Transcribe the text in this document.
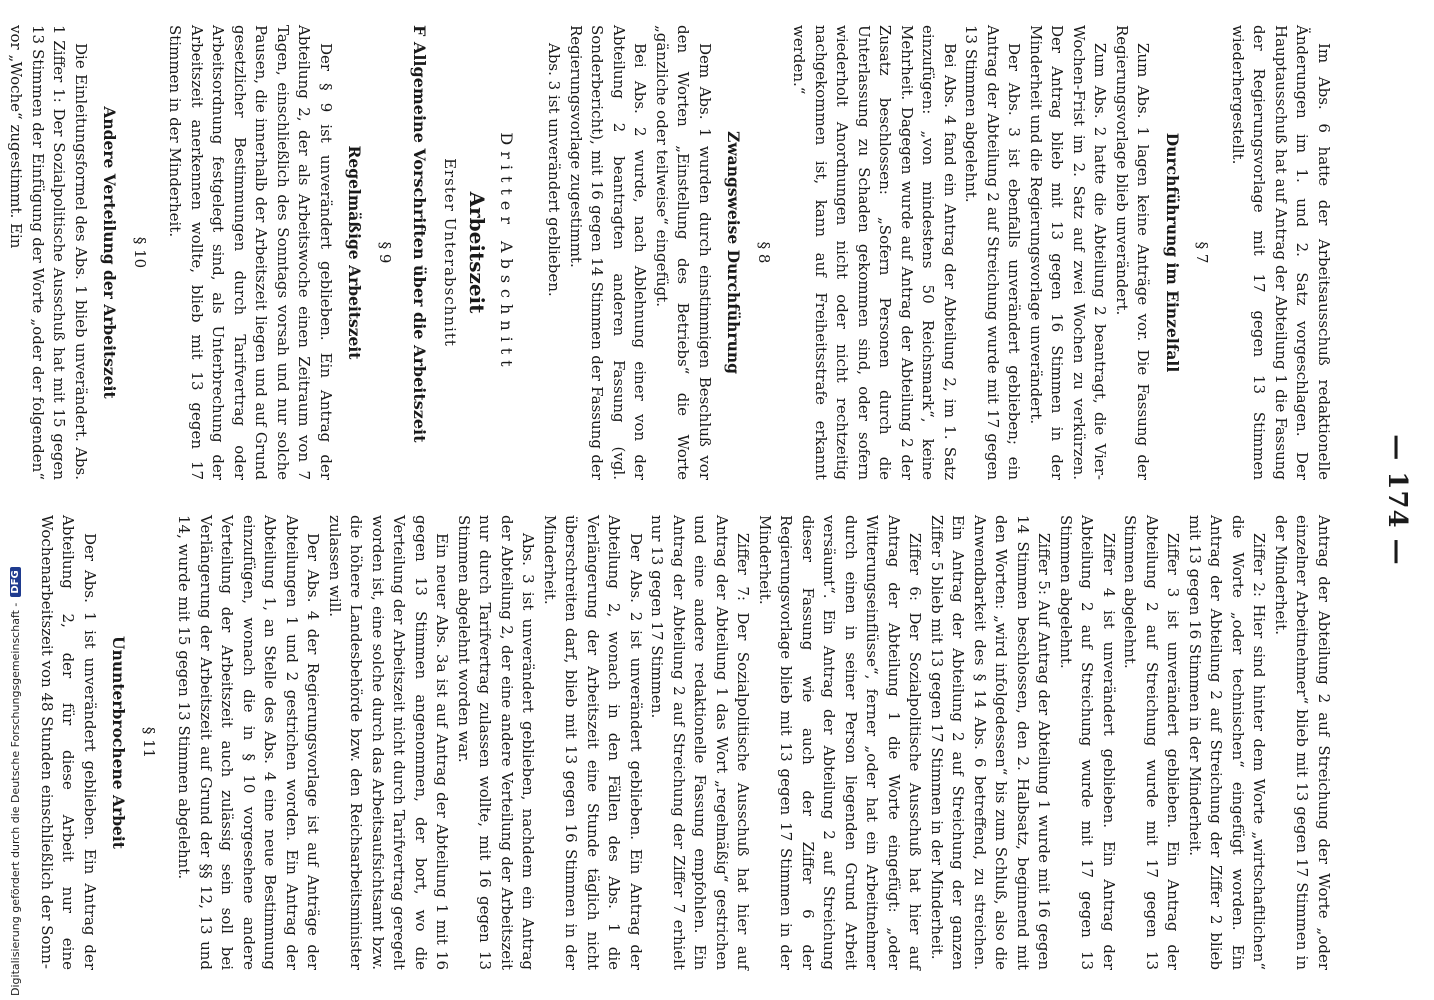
— 174 —

Im Abs. 6 hatte der Arbeitsausschuß redaktionelle Änderungen im 1. und 2. Satz vorgeschlagen. Der Hauptausschuß hat auf Antrag der Abteilung 1 die Fassung der Regierungsvorlage mit 17 gegen 13 Stimmen wiederhergestellt.

§ 7
Durchführung im Einzelfall

Zum Abs. 1 lagen keine Anträge vor. Die Fassung der Regierungsvorlage blieb unverändert.

Zum Abs. 2 hatte die Abteilung 2 beantragt, die Vier-Wochen-Frist im 2. Satz auf zwei Wochen zu verkürzen. Der Antrag blieb mit 13 gegen 16 Stimmen in der Minderheit und die Regierungsvorlage unverändert.

Der Abs. 3 ist ebenfalls unverändert geblieben; ein Antrag der Abteilung 2 auf Streichung wurde mit 17 gegen 13 Stimmen abgelehnt.

Bei Abs. 4 fand ein Antrag der Abteilung 2, im 1. Satz einzufügen: „von mindestens 50 Reichsmark“, keine Mehrheit. Dagegen wurde auf Antrag der Abteilung 2 der Zusatz beschlossen: „Sofern Personen durch die Unterlassung zu Schaden gekommen sind, oder sofern wiederholt Anordnungen nicht oder nicht rechtzeitig nachgekommen ist, kann auf Freiheitsstrafe erkannt werden.“

§ 8
Zwangsweise Durchführung

Dem Abs. 1 wurden durch einstimmigen Beschluß vor den Worten „Einstellung des Betriebs“ die Worte „gänzliche oder teilweise“ eingefügt.

Bei Abs. 2 wurde, nach Ablehnung einer von der Abteilung 2 beantragten anderen Fassung (vgl. Sonderbericht), mit 16 gegen 14 Stimmen der Fassung der Regierungsvorlage zugestimmt.

Abs. 3 ist unverändert geblieben.

Dritter Abschnitt
Arbeitszeit
Erster Unterabschnitt
F Allgemeine Vorschriften über die Arbeitszeit
§ 9
Regelmäßige Arbeitszeit

Der § 9 ist unverändert geblieben. Ein Antrag der Abteilung 2, der als Arbeitswoche einen Zeitraum von 7 Tagen, einschließlich des Sonntags vorsah und nur solche Pausen, die innerhalb der Arbeitszeit liegen und auf Grund gesetzlicher Bestimmungen durch Tarifvertrag oder Arbeitsordnung festgelegt sind, als Unterbrechung der Arbeitszeit anerkennen wollte, blieb mit 13 gegen 17 Stimmen in der Minderheit.

§ 10
Andere Verteilung der Arbeitszeit

Die Einleitungsformel des Abs. 1 blieb unverändert. Abs. 1 Ziffer 1: Der Sozialpolitische Ausschuß hat mit 15 gegen 13 Stimmen der Einfügung der Worte „oder der folgenden“ vor „Woche“ zugestimmt. Ein

Antrag der Abteilung 2 auf Streichung der Worte „oder einzelner Arbeitnehmer“ blieb mit 13 gegen 17 Stimmen in der Minderheit.

Ziffer 2: Hier sind hinter dem Worte „wirtschaftlichen“ die Worte „oder technischen“ eingefügt worden. Ein Antrag der Abteilung 2 auf Streichung der Ziffer 2 blieb mit 13 gegen 16 Stimmen in der Minderheit.

Ziffer 3 ist unverändert geblieben. Ein Antrag der Abteilung 2 auf Streichung wurde mit 17 gegen 13 Stimmen abgelehnt.

Ziffer 4 ist unverändert geblieben. Ein Antrag der Abteilung 2 auf Streichung wurde mit 17 gegen 13 Stimmen abgelehnt.

Ziffer 5: Auf Antrag der Abteilung 1 wurde mit 16 gegen 14 Stimmen beschlossen, den 2. Halbsatz, beginnend mit den Worten: „wird infolgedessen“ bis zum Schluß, also die Anwendbarkeit des § 14 Abs. 6 betreffend, zu streichen. Ein Antrag der Abteilung 2 auf Streichung der ganzen Ziffer 5 blieb mit 13 gegen 17 Stimmen in der Minderheit.

Ziffer 6: Der Sozialpolitische Ausschuß hat hier auf Antrag der Abteilung 1 die Worte eingefügt: „oder Witterungseinflüsse“, ferner „oder hat ein Arbeitnehmer durch einen in seiner Person liegenden Grund Arbeit versäumt“. Ein Antrag der Abteilung 2 auf Streichung dieser Fassung wie auch der Ziffer 6 der Regierungsvorlage blieb mit 13 gegen 17 Stimmen in der Minderheit.

Ziffer 7: Der Sozialpolitische Ausschuß hat hier auf Antrag der Abteilung 1 das Wort „regelmäßig“ gestrichen und eine andere redaktionelle Fassung empfohlen. Ein Antrag der Abteilung 2 auf Streichung der Ziffer 7 erhielt nur 13 gegen 17 Stimmen.

Der Abs. 2 ist unverändert geblieben. Ein Antrag der Abteilung 2, wonach in den Fällen des Abs. 1 die Verlängerung der Arbeitszeit eine Stunde täglich nicht überschreiten darf, blieb mit 13 gegen 16 Stimmen in der Minderheit.

Abs. 3 ist unverändert geblieben, nachdem ein Antrag der Abteilung 2, der eine andere Verteilung der Arbeitszeit nur durch Tarifvertrag zulassen wollte, mit 16 gegen 13 Stimmen abgelehnt worden war.

Ein neuer Abs. 3a ist auf Antrag der Abteilung 1 mit 16 gegen 13 Stimmen angenommen, der bort, wo die Verteilung der Arbeitszeit nicht durch Tarifvertrag geregelt worden ist, eine solche durch das Arbeitsaufsichtsamt bzw. die höhere Landesbehörde bzw. den Reichsarbeitsminister zulassen will.

Der Abs. 4 der Regierungsvorlage ist auf Anträge der Abteilungen 1 und 2 gestrichen worden. Ein Antrag der Abteilung 1, an Stelle des Abs. 4 eine neue Bestimmung einzufügen, wonach die in § 10 vorgesehene andere Verteilung der Arbeitszeit auch zulässig sein soll bei Verlängerung der Arbeitszeit auf Grund der §§ 12, 13 und 14, wurde mit 15 gegen 13 Stimmen abgelehnt.

§ 11
Ununterbrochene Arbeit

Der Abs. 1 ist unverändert geblieben. Ein Antrag der Abteilung 2, der für diese Arbeit nur eine Wochenarbeitszeit von 48 Stunden einschließlich der Sonn-

Digitalisierung gefördert durch die Deutsche Forschungsgemeinschaft -
DFG
